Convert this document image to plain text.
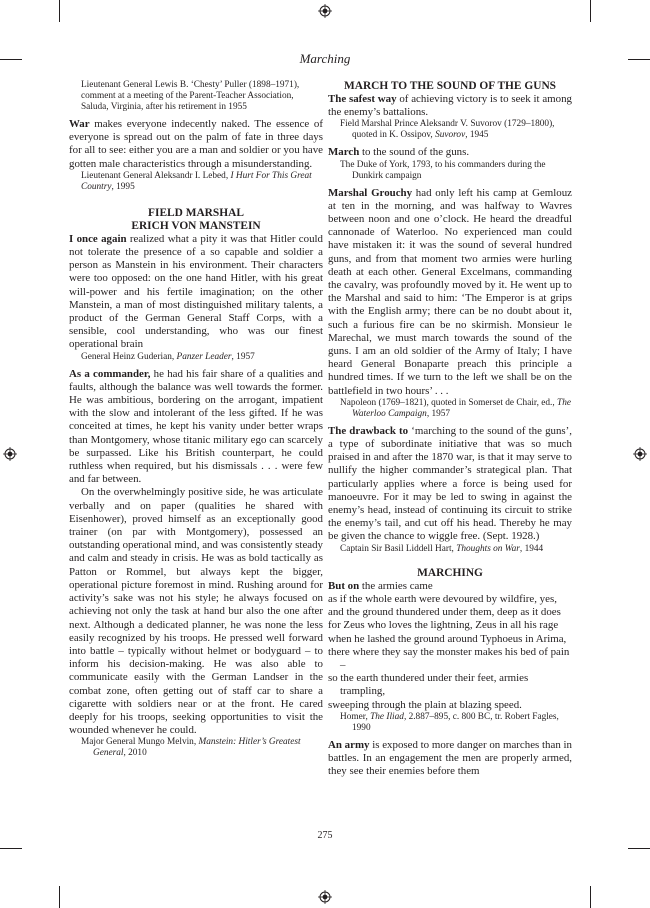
Marching

Lieutenant General Lewis B. ‘Chesty’ Puller (1898–1971), comment at a meeting of the Parent-Teacher Association, Saluda, Virginia, after his retirement in 1955

War makes everyone indecently naked. The essence of everyone is spread out on the palm of fate in three days for all to see: either you are a man and soldier or you have gotten male characteristics through a misunderstanding.

Lieutenant General Aleksandr I. Lebed, I Hurt For This Great Country, 1995

FIELD MARSHAL

ERICH VON MANSTEIN

I once again realized what a pity it was that Hitler could not tolerate the presence of a so capable and soldier a person as Manstein in his environment. Their characters were too opposed: on the one hand Hitler, with his great will-power and his fertile imagination; on the other Manstein, a man of most distinguished military talents, a product of the German General Staff Corps, with a sensible, cool understanding, who was our finest operational brain

General Heinz Guderian, Panzer Leader, 1957

As a commander, he had his fair share of a qualities and faults, although the balance was well towards the former. He was ambitious, bordering on the arrogant, impatient with the slow and intolerant of the less gifted. If he was conceited at times, he kept his vanity under better wraps than Montgomery, whose titanic military ego can scarcely be surpassed. Like his British counterpart, he could ruthless when required, but his dismissals . . . were few and far between.

On the overwhelmingly positive side, he was articulate verbally and on paper (qualities he shared with Eisenhower), proved himself as an exceptionally good trainer (on par with Montgomery), possessed an outstanding operational mind, and was consistently steady and calm and steady in crisis. He was as bold tactically as Patton or Rommel, but always kept the bigger, operational picture foremost in mind. Rushing around for activity’s sake was not his style; he always focused on achieving not only the task at hand bur also the one after next. Although a dedicated planner, he was none the less easily recognized by his troops. He pressed well forward into battle – typically without helmet or bodyguard – to inform his decision-making. He was also able to communicate easily with the German Landser in the combat zone, often getting out of staff car to share a cigarette with soldiers near or at the front. He cared deeply for his troops, seeking opportunities to visit the wounded whenever he could.

Major General Mungo Melvin, Manstein: Hitler’s Greatest General, 2010

MARCH TO THE SOUND OF THE GUNS

The safest way of achieving victory is to seek it among the enemy’s battalions.

Field Marshal Prince Aleksandr V. Suvorov (1729–1800), quoted in K. Ossipov, Suvorov, 1945

March to the sound of the guns.

The Duke of York, 1793, to his commanders during the Dunkirk campaign

Marshal Grouchy had only left his camp at Gemlouz at ten in the morning, and was halfway to Wavres between noon and one o’clock. He heard the dreadful cannonade of Waterloo. No experienced man could have mistaken it: it was the sound of several hundred guns, and from that moment two armies were hurling death at each other. General Excelmans, commanding the cavalry, was profoundly moved by it. He went up to the Marshal and said to him: ‘The Emperor is at grips with the English army; there can be no doubt about it, such a furious fire can be no skirmish. Monsieur le Marechal, we must march towards the sound of the guns. I am an old soldier of the Army of Italy; I have heard General Bonaparte preach this principle a hundred times. If we turn to the left we shall be on the battlefield in two hours’ . . .

Napoleon (1769–1821), quoted in Somerset de Chair, ed., The Waterloo Campaign, 1957

The drawback to ‘marching to the sound of the guns’, a type of subordinate initiative that was so much praised in and after the 1870 war, is that it may serve to nullify the higher commander’s strategical plan. That particularly applies where a force is being used for manoeuvre. For it may be led to swing in against the enemy’s head, instead of continuing its circuit to strike the enemy’s tail, and cut off his head. Thereby he may be given the chance to wiggle free. (Sept. 1928.)

Captain Sir Basil Liddell Hart, Thoughts on War, 1944

MARCHING

But on the armies came

as if the whole earth were devoured by wildfire, yes,

and the ground thundered under them, deep as it does

for Zeus who loves the lightning, Zeus in all his rage

when he lashed the ground around Typhoeus in Arima,

there where they say the monster makes his bed of pain –

so the earth thundered under their feet, armies trampling,

sweeping through the plain at blazing speed.

Homer, The Iliad, 2.887–895, c. 800 BC, tr. Robert Fagles, 1990

An army is exposed to more danger on marches than in battles. In an engagement the men are properly armed, they see their enemies before them

275
